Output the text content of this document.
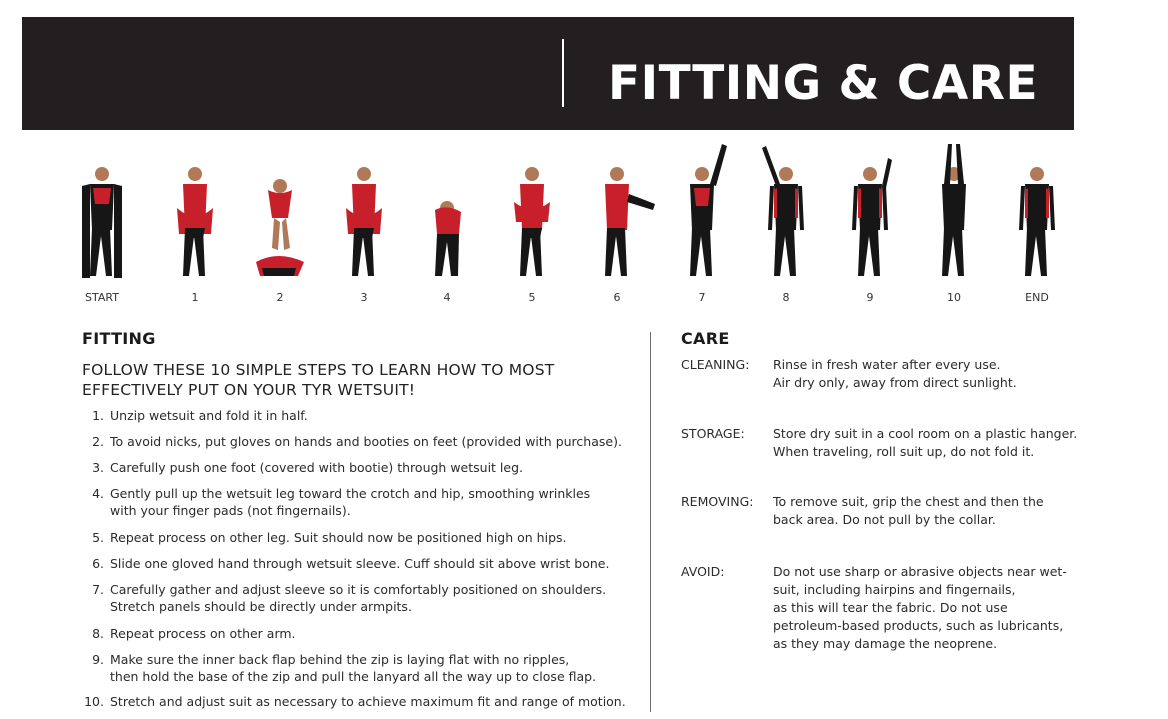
FITTING & CARE
START	1	2	3	4	5	6	7	8	9	10	END
FITTING
FOLLOW THESE 10 SIMPLE STEPS TO LEARN HOW TO MOST
EFFECTIVELY PUT ON YOUR TYR WETSUIT!
1. Unzip wetsuit and fold it in half.
2. To avoid nicks, put gloves on hands and booties on feet (provided with purchase).
3. Carefully push one foot (covered with bootie) through wetsuit leg.
4. Gently pull up the wetsuit leg toward the crotch and hip, smoothing wrinkles
with your finger pads (not fingernails).
5. Repeat process on other leg. Suit should now be positioned high on hips.
6. Slide one gloved hand through wetsuit sleeve. Cuff should sit above wrist bone.
7. Carefully gather and adjust sleeve so it is comfortably positioned on shoulders.
Stretch panels should be directly under armpits.
8. Repeat process on other arm.
9. Make sure the inner back flap behind the zip is laying flat with no ripples,
then hold the base of the zip and pull the lanyard all the way up to close flap.
10. Stretch and adjust suit as necessary to achieve maximum fit and range of motion.
CARE
CLEANING:	Rinse in fresh water after every use.
Air dry only, away from direct sunlight.
STORAGE:	Store dry suit in a cool room on a plastic hanger.
When traveling, roll suit up, do not fold it.
REMOVING:	To remove suit, grip the chest and then the
back area. Do not pull by the collar.
AVOID:	Do not use sharp or abrasive objects near wet-
suit, including hairpins and fingernails,
as this will tear the fabric. Do not use
petroleum-based products, such as lubricants,
as they may damage the neoprene.
